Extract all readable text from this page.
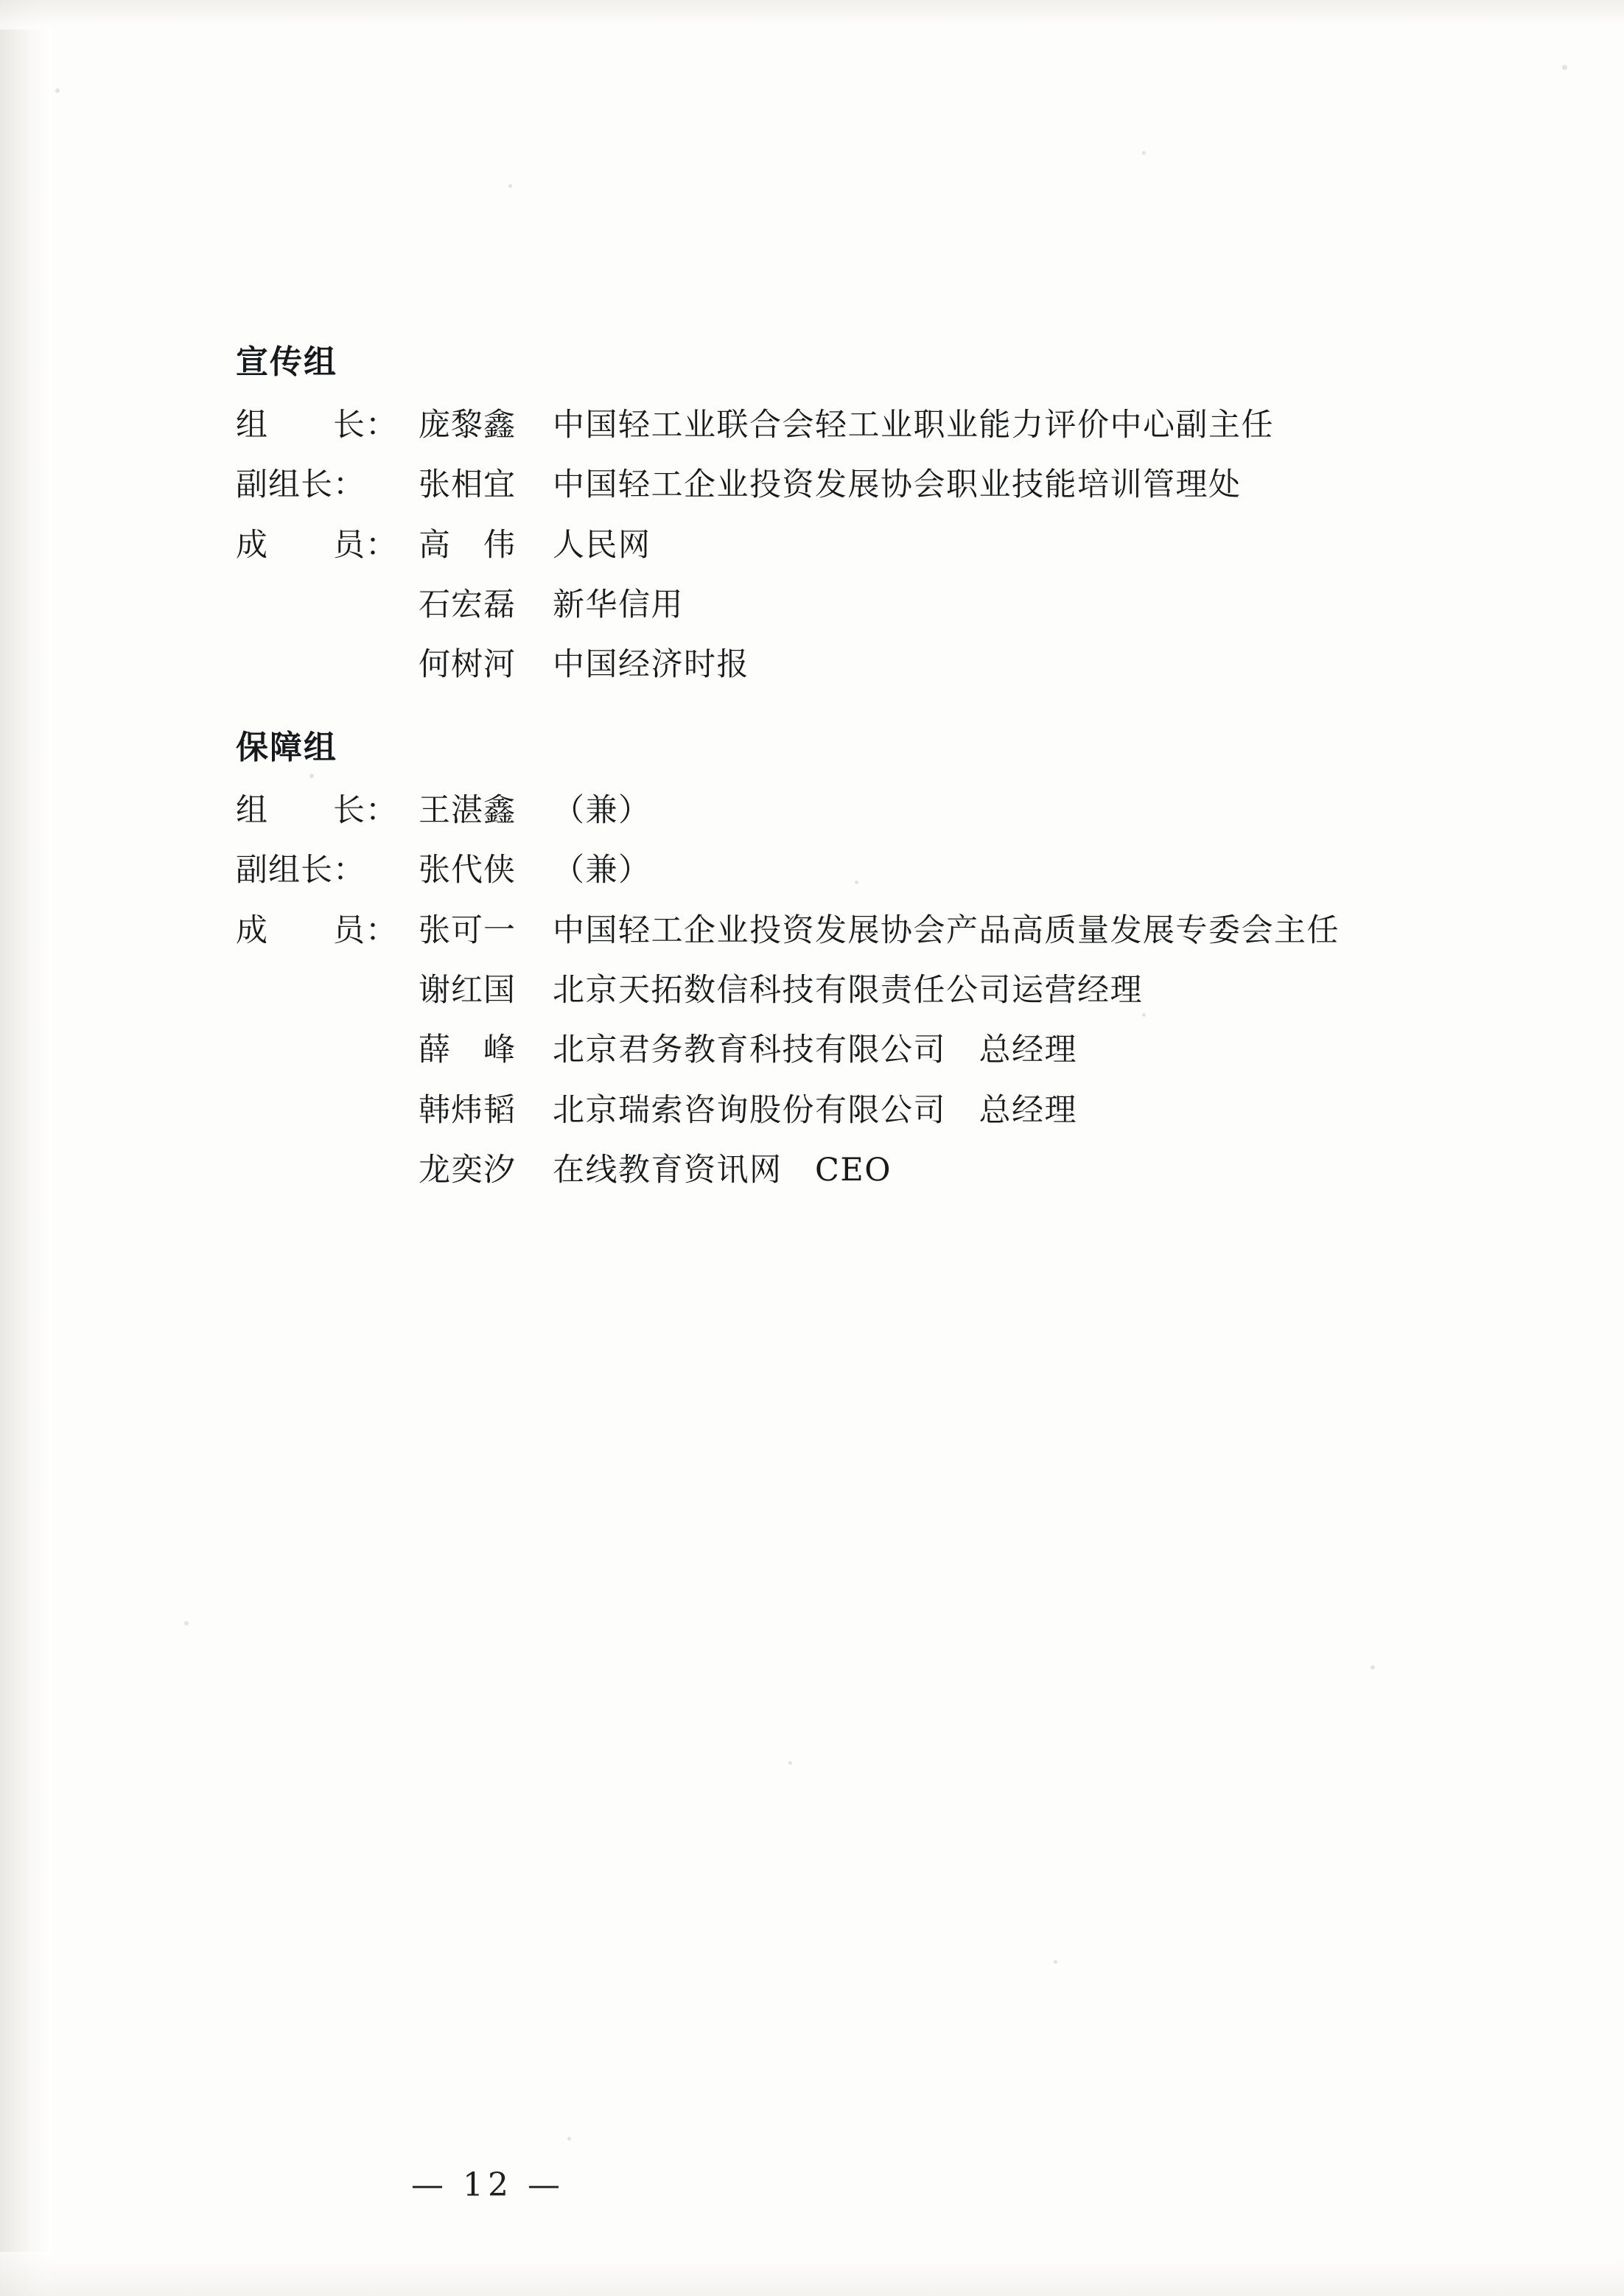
宣传组
组　　长： 庞黎鑫	中国轻工业联合会轻工业职业能力评价中心副主任
副组长：	张相宜	中国轻工企业投资发展协会职业技能培训管理处
成　　员： 高　伟	人民网
石宏磊	新华信用
何树河	中国经济时报
保障组
组　　长： 王湛鑫	（兼）
副组长：	张代侠	（兼）
成　　员： 张可一	中国轻工企业投资发展协会产品高质量发展专委会主任
谢红国	北京天拓数信科技有限责任公司运营经理
薛　峰	北京君务教育科技有限公司　总经理
韩炜韬	北京瑞索咨询股份有限公司　总经理
龙奕汐	在线教育资讯网　CEO
— 12 —
